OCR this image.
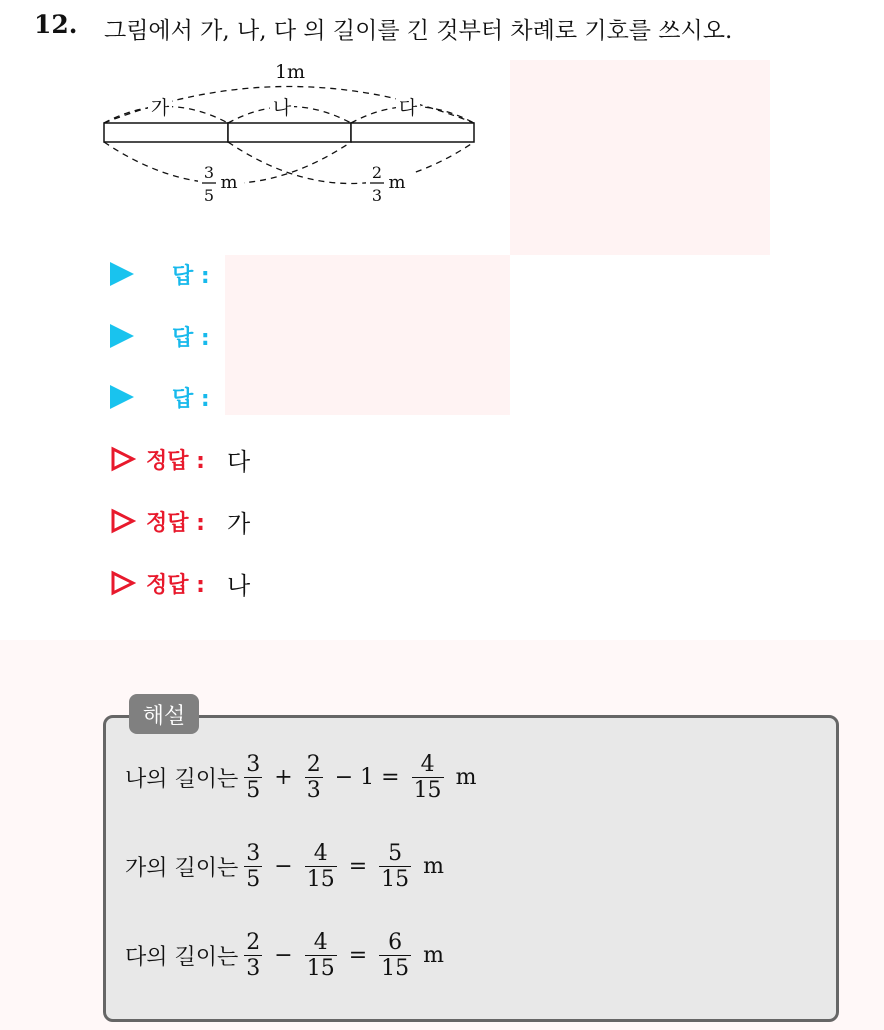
12. 그림에서 가, 나, 다 의 길이를 긴 것부터 차례로 기호를 쓰시오.
1m
가	나	다
3
5
m	2
3
m
답 :
답 :
답 :
정답 : 다
정답 : 가
정답 : 나
해설
나의 길이는 $\frac{3}{5} + \frac{2}{3} - 1 = \frac{4}{15}$ m
가의 길이는 $\frac{3}{5} - \frac{4}{15} = \frac{5}{15}$ m
다의 길이는 $\frac{2}{3} - \frac{4}{15} = \frac{6}{15}$ m
